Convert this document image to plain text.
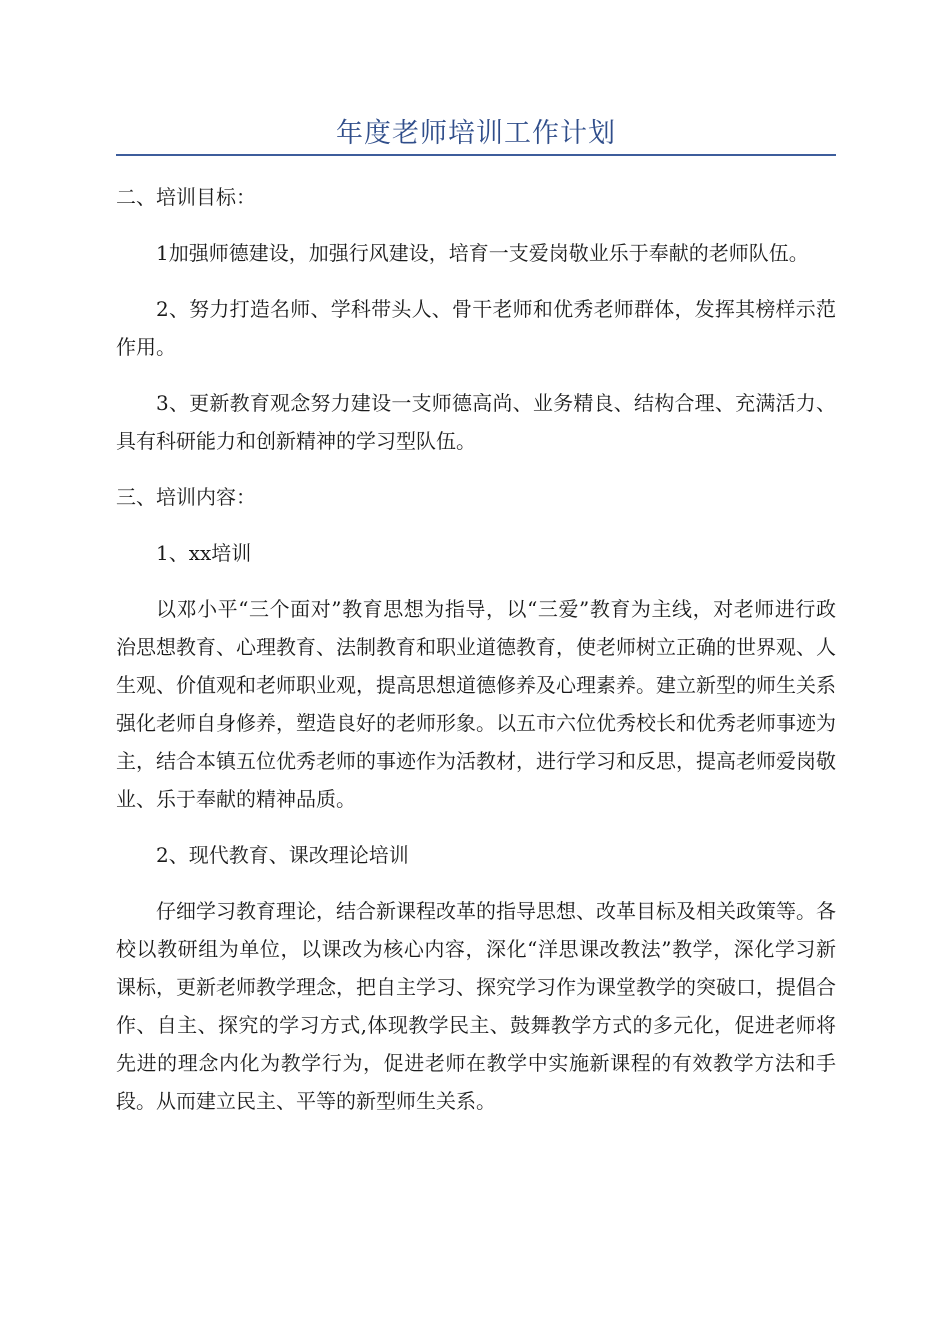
年度老师培训工作计划

二、培训目标：

1加强师德建设，加强行风建设，培育一支爱岗敬业乐于奉献的老师队伍。

2、努力打造名师、学科带头人、骨干老师和优秀老师群体，发挥其榜样示范作用。

3、更新教育观念努力建设一支师德高尚、业务精良、结构合理、充满活力、具有科研能力和创新精神的学习型队伍。

三、培训内容：

1、xx培训

以邓小平“三个面对”教育思想为指导，以“三爱”教育为主线，对老师进行政治思想教育、心理教育、法制教育和职业道德教育，使老师树立正确的世界观、人生观、价值观和老师职业观，提高思想道德修养及心理素养。建立新型的师生关系强化老师自身修养，塑造良好的老师形象。以五市六位优秀校长和优秀老师事迹为主，结合本镇五位优秀老师的事迹作为活教材，进行学习和反思，提高老师爱岗敬业、乐于奉献的精神品质。

2、现代教育、课改理论培训

仔细学习教育理论，结合新课程改革的指导思想、改革目标及相关政策等。各校以教研组为单位，以课改为核心内容，深化“洋思课改教法”教学，深化学习新课标，更新老师教学理念，把自主学习、探究学习作为课堂教学的突破口，提倡合作、自主、探究的学习方式,体现教学民主、鼓舞教学方式的多元化，促进老师将先进的理念内化为教学行为，促进老师在教学中实施新课程的有效教学方法和手段。从而建立民主、平等的新型师生关系。
